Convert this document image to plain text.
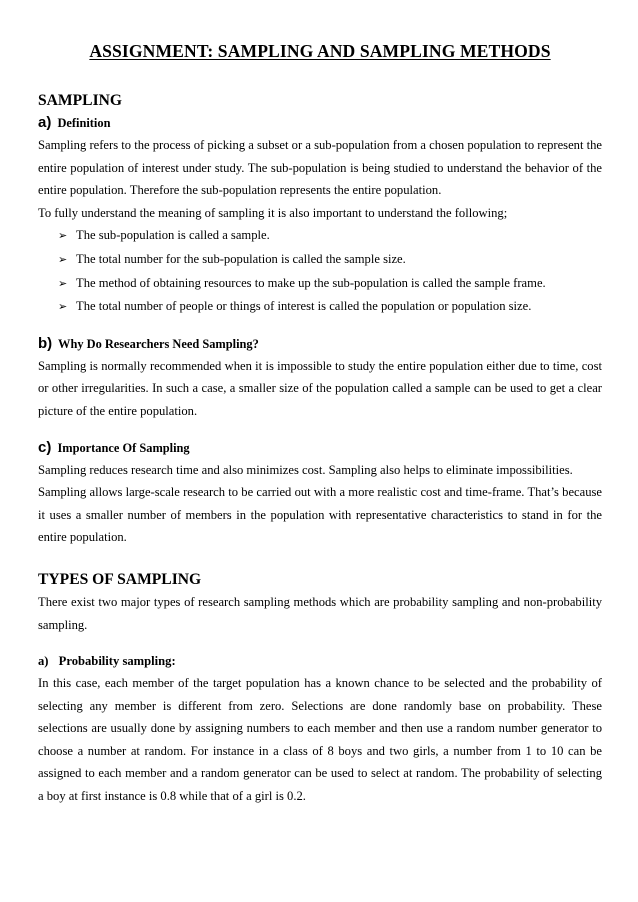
ASSIGNMENT: SAMPLING AND SAMPLING METHODS
SAMPLING
a) Definition

Sampling refers to the process of picking a subset or a sub-population from a chosen population to represent the entire population of interest under study. The sub-population is being studied to understand the behavior of the entire population. Therefore the sub-population represents the entire population.

To fully understand the meaning of sampling it is also important to understand the following;

➢ The sub-population is called a sample.
➢ The total number for the sub-population is called the sample size.
➢ The method of obtaining resources to make up the sub-population is called the sample frame.
➢ The total number of people or things of interest is called the population or population size.
b) Why Do Researchers Need Sampling?

Sampling is normally recommended when it is impossible to study the entire population either due to time, cost or other irregularities. In such a case, a smaller size of the population called a sample can be used to get a clear picture of the entire population.

c) Importance Of Sampling

Sampling reduces research time and also minimizes cost. Sampling also helps to eliminate impossibilities.

Sampling allows large-scale research to be carried out with a more realistic cost and time-frame. That’s because it uses a smaller number of members in the population with representative characteristics to stand in for the entire population.

TYPES OF SAMPLING

There exist two major types of research sampling methods which are probability sampling and non-probability sampling.

a) Probability sampling:

In this case, each member of the target population has a known chance to be selected and the probability of selecting any member is different from zero. Selections are done randomly base on probability. These selections are usually done by assigning numbers to each member and then use a random number generator to choose a number at random. For instance in a class of 8 boys and two girls, a number from 1 to 10 can be assigned to each member and a random generator can be used to select at random. The probability of selecting a boy at first instance is 0.8 while that of a girl is 0.2.
